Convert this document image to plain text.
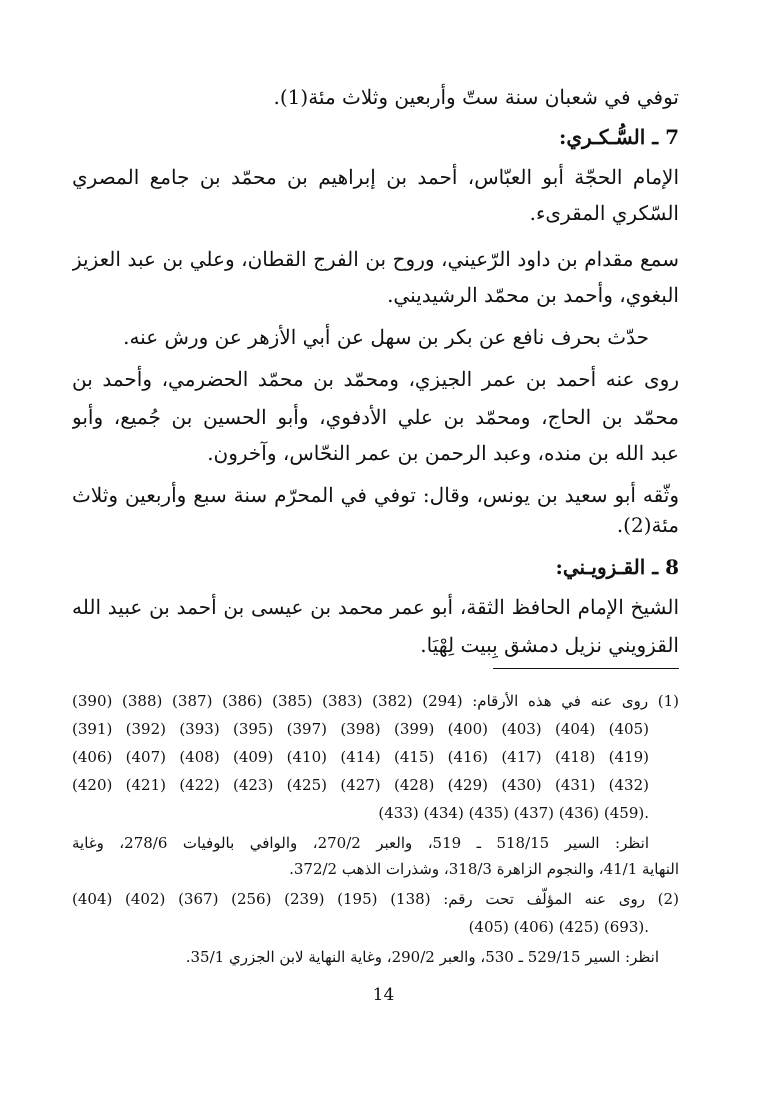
توفي في شعبان سنة ستّ وأربعين وثلاث مئة(1).
7 ـ السُّـكـري:
الإمام الحجّة أبو العبّاس، أحمد بن إبراهيم بن محمّد بن جامع المصري
السّكري المقرىء.
سمع مقدام بن داود الرّعيني، وروح بن الفرج القطان، وعلي بن عبد العزيز
البغوي، وأحمد بن محمّد الرشيديني.
حدّث بحرف نافع عن بكر بن سهل عن أبي الأزهر عن ورش عنه.
روى عنه أحمد بن عمر الجيزي، ومحمّد بن محمّد الحضرمي، وأحمد بن
محمّد بن الحاج، ومحمّد بن علي الأدفوي، وأبو الحسين بن جُميع، وأبو
عبد الله بن منده، وعبد الرحمن بن عمر النحّاس، وآخرون.
وثّقه أبو سعيد بن يونس، وقال: توفي في المحرّم سنة سبع وأربعين وثلاث
مئة(2).
8 ـ القـزويـني:
الشيخ الإمام الحافظ الثقة، أبو عمر محمد بن عيسى بن أحمد بن عبيد الله
القزويني نزيل دمشق بِبيت لِهْيَا.
(1) روى عنه في هذه الأرقام: (294) (382) (383) (385) (386) (387) (388) (390)
(391) (392) (393) (395) (397) (398) (399) (400) (403) (404) (405)
(406) (407) (408) (409) (410) (414) (415) (416) (417) (418) (419)
(420) (421) (422) (423) (425) (427) (428) (429) (430) (431) (432)
(433) (434) (435) (437) (436) (459).
انظر: السير 518/15 ـ 519، والعبر 270/2، والوافي بالوفيات 278/6، وغاية
النهاية 41/1، والنجوم الزاهرة 318/3، وشذرات الذهب 372/2.
(2) روى عنه المؤلّف تحت رقم: (138) (195) (239) (256) (367) (402) (404)
(405) (406) (425) (693).
انظر: السير 529/15 ـ 530، والعبر 290/2، وغاية النهاية لابن الجزري 35/1.
14
